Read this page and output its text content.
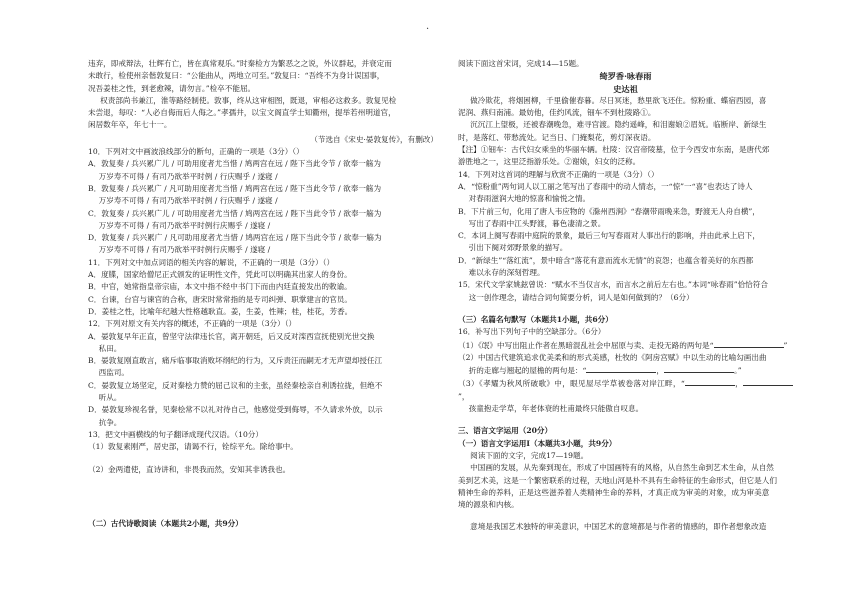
·

违弃，即戒辩法，壮辉冇亡，皆在真常观乐。”时秦检方为繁恶之之说，外议群起，并衰定而

未敢行，检使州亲偕敦复曰：“公能曲从，两地立可至。”敦复曰：“吾终不为身计误国事，

况吾姜桂之性，到老愈辣，请勿言。”检卒不能屈。

权责部尚书兼江，淮等路经制使。敦事，终从这审相图，既退，审相必这救多。敦复见检

未尝退，每叹：“人必自侮而后人侮之。”孝孺井，以宝文阁直学士知衢州，提举若州明道官，

闲居数年卒，年七十一。

（节选自《宋史·晏敦复传》，有删改）

10．下列对文中画波浪线部分的断句，正确的一项是（3分）（）

A．敦复奏 / 兵兴累广儿 / 可助用度者尤当惜 / 鸠两宫在远 / 陛下当此令节 / 欲奉一觞为

万岁寿不可得 / 有司乃欲举平时例 / 行庆赐乎 / 遂寝 /

B．敦复奏 / 兵兴累广 / 凡可助用度者尤当惜 / 鸠两宫在远 / 陛下当此令节 / 欲奉一觞为

万岁寿不可得 / 有司乃欲举平时例 / 行庆赐乎 / 遂寝 /

C．敦复奏 / 兵兴累广儿 / 可助用度者尤当惜 / 鸠两宫在远 / 陛下当此令节 / 欲奉一觞为

万岁寿不可得 / 有司乃欲举平时例行庆赐乎 / 遂寝 /

D．敦复奏 / 兵兴累广 / 凡可助用度者尤当惜 / 鸠两宫在远 / 陛下当此令节 / 欲奉一觞为

万岁寿不可得 / 有司乃欲举平时例行庆赐乎 / 遂寝 /

11．下列对文中加点词语的相关内容的解说，不正确的一项是（3分）（）

A．度牒，国家给僧尼正式颁发的证明性文件，凭此可以明确其出家人的身份。

B．中官，她常指皇帝宗庙，本文中指不经中书门下而由内廷直接发出的敕谕。

C．台谏，台官与谏官的合称，唐宋时常常指的是专司纠弹、职掌建言的官员。

D．姜桂之性，比喻年纪越大性格越耿直。姜，生姜，性辣；桂，桂花，芳香。

12．下列对原文有关内容的概述，不正确的一项是（3分）（）

A．晏敦复早年正直，曾坚守法律违长官，离开朝廷，后又反对滦西宣抚使别光世交换

私田。

B．晏敦复刚直敢言，痛斥临事取消败坏纲纪的行为，又斥责汪而嗣无才无声望却授任江

西监司。

C．晏敦复立场坚定，反对秦桧力赞的屈己议和的主张，虽经秦桧亲自利诱拉拢，但绝不

听从。

D．晏敦复珍视名誉，见秦桧常不以礼对待自己，他感觉受到侮辱，不久请求外放，以示

抗争。

13．把文中画横线的句子翻译成现代汉语。（10分）

（1）敦复素刚严，居史部，请谒不行，铨综平允。除给事中。

（2）金两遣使，直诗讲和，非畏我而然，安知其非诱我也。

（二）古代诗歌阅读（本题共2小题，共9分）

阅读下面这首宋词，完成14—15题。

绮罗香·咏春雨

史达祖

做冷欺花，将烟困柳，千里偷催春暮。尽日冥迷，愁里欲飞还住。惊粉重、蝶宿西园，喜

泥润、燕归南浦。最妨他，佳约风流，钿车不到杜陵路①。

沉沉江上望极，还被春潮晚急，难寻官渡。隐约遥峰，和泪谢娘②眉妩。临断岸、新绿生

时，是落红、带愁流处。记当日、门掩梨花，剪灯深夜语。

【注】①钿车：古代妇女乘坐的华丽车辆。杜陵：汉宫帝陵墓，位于今西安市东南，是唐代郊

游胜地之一，这里泛指游乐处。②谢娘，妇女的泛称。

14．下列对这首词的理解与欣赏不正确的一项是（3分）（）

A．“惊粉重”两句词人以工丽之笔写出了春雨中的动人情态，一“惊”一“喜”也表达了诗人

对春雨滋润大地的惊喜和愉悦之情。

B．下片前三句，化用了唐人韦应物的《滁州西涧》“春潮带雨晚来急，野渡无人舟自横”，

写出了春雨中江头野渡，暮色凄清之景。

C．本词上阕写春雨中庭院的景象，最后三句写春雨对人事出行的影响，并由此承上启下，

引出下阕对郊野景象的描写。

D．“新绿生”“落红流”，景中暗含“落花有意而流水无情”的哀怨；也蕴含着美好的东西都

难以永存的深刻哲理。

15．宋代文学家姚鉉曾说：“赋水不当仅言水，而言水之前后左右也。”本词“咏春雨”恰恰符合

这一创作理念，请结合词句简要分析，词人是如何做到的？（6分）

（三）名篇名句默写（本题共1小题，共6分）

16．补写出下列句子中的空缺部分。（6分）

（1）《氓》中写出阻止作者在黑暗混乱社会中屈原与卖、走投无路的两句是“	”

（2）中国古代建筑追求优美柔和的形式美感，杜牧的《阿房宫赋》中以生动的比喻勾画出曲

折的走廊与翘起的屋檐的两句是：“	，	。”

（3）《孝耀为秋风所破歌》中，眼见屋尽学草被卷落对岸江畔，“	，”，

孩童抱走学草，年老体衰的杜甫最终只能傲自叹息。

三、语言文字运用（20分）

（一）语言文字运用Ⅰ（本题共3小题，共9分）

阅读下面的文字，完成17—19题。

中国画的发展，从先秦到现在，形成了中国画特有的风格，从自然生命到艺术生命，从自然

美到艺术美，这是一个繁密联系的过程，天地山河是朴不具有生命特征的生命形式，但它是人们

精神生命的养料，正是这些滋养着人类精神生命的养料，才真正成为审美的对象，成为审美意

境的源泉和内核。

意境是我国艺术独特的审美意识，中国艺术的意境都是与作者的情感的，即作者想象改造
